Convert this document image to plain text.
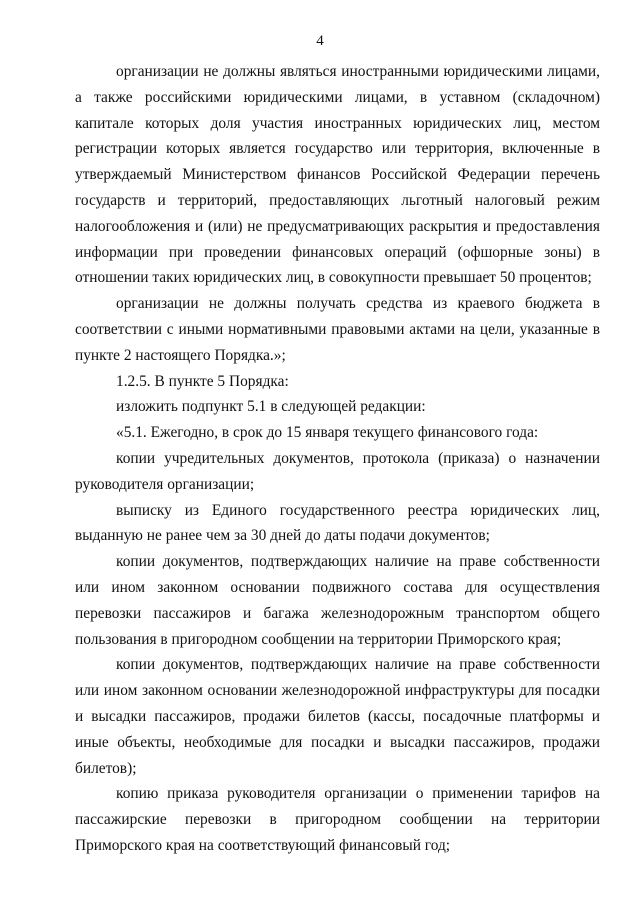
4

организации не должны являться иностранными юридическими лицами, а также российскими юридическими лицами, в уставном (складочном) капитале которых доля участия иностранных юридических лиц, местом регистрации которых является государство или территория, включенные в утверждаемый Министерством финансов Российской Федерации перечень государств и территорий, предоставляющих льготный налоговый режим налогообложения и (или) не предусматривающих раскрытия и предоставления информации при проведении финансовых операций (офшорные зоны) в отношении таких юридических лиц, в совокупности превышает 50 процентов;

организации не должны получать средства из краевого бюджета в соответствии с иными нормативными правовыми актами на цели, указанные в пункте 2 настоящего Порядка.»;

1.2.5. В пункте 5 Порядка:

изложить подпункт 5.1 в следующей редакции:

«5.1. Ежегодно, в срок до 15 января текущего финансового года:

копии учредительных документов, протокола (приказа) о назначении руководителя организации;

выписку из Единого государственного реестра юридических лиц, выданную не ранее чем за 30 дней до даты подачи документов;

копии документов, подтверждающих наличие на праве собственности или ином законном основании подвижного состава для осуществления перевозки пассажиров и багажа железнодорожным транспортом общего пользования в пригородном сообщении на территории Приморского края;

копии документов, подтверждающих наличие на праве собственности или ином законном основании железнодорожной инфраструктуры для посадки и высадки пассажиров, продажи билетов (кассы, посадочные платформы и иные объекты, необходимые для посадки и высадки пассажиров, продажи билетов);

копию приказа руководителя организации о применении тарифов на пассажирские перевозки в пригородном сообщении на территории Приморского края на соответствующий финансовый год;
